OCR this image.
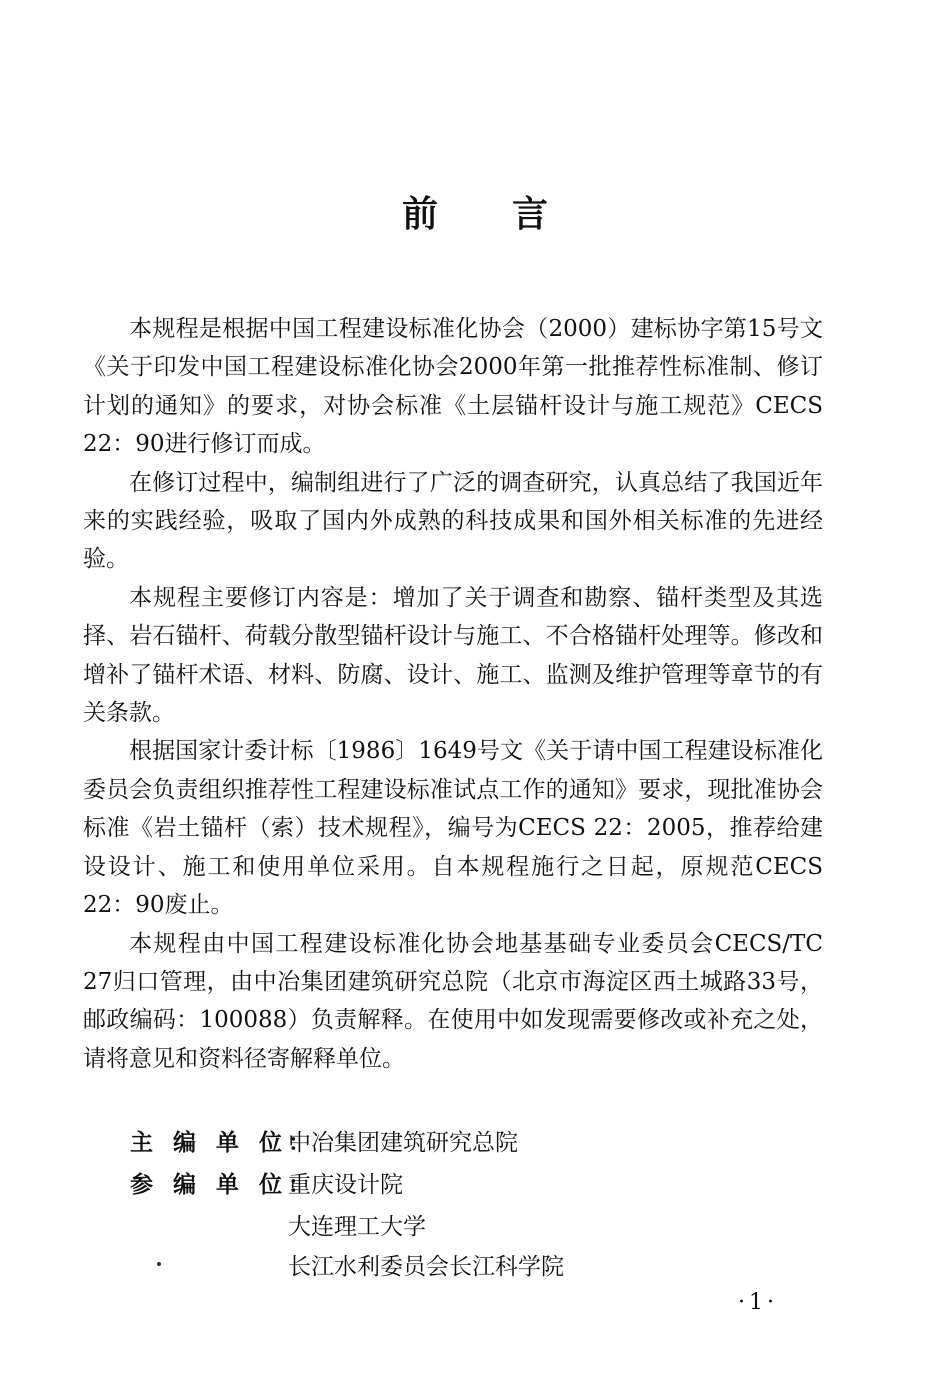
前 言

本规程是根据中国工程建设标准化协会（2000）建标协字第15号文《关于印发中国工程建设标准化协会2000年第一批推荐性标准制、修订计划的通知》的要求，对协会标准《土层锚杆设计与施工规范》CECS 22：90进行修订而成。

在修订过程中，编制组进行了广泛的调查研究，认真总结了我国近年来的实践经验，吸取了国内外成熟的科技成果和国外相关标准的先进经验。

本规程主要修订内容是：增加了关于调查和勘察、锚杆类型及其选择、岩石锚杆、荷载分散型锚杆设计与施工、不合格锚杆处理等。修改和增补了锚杆术语、材料、防腐、设计、施工、监测及维护管理等章节的有关条款。

根据国家计委计标〔1986〕1649号文《关于请中国工程建设标准化委员会负责组织推荐性工程建设标准试点工作的通知》要求，现批准协会标准《岩土锚杆（索）技术规程》，编号为CECS 22：2005，推荐给建设设计、施工和使用单位采用。自本规程施行之日起，原规范CECS 22：90废止。

本规程由中国工程建设标准化协会地基基础专业委员会CECS/TC 27归口管理，由中冶集团建筑研究总院（北京市海淀区西土城路33号，邮政编码：100088）负责解释。在使用中如发现需要修改或补充之处，请将意见和资料径寄解释单位。

主 编 单 位：中冶集团建筑研究总院
参 编 单 位：重庆设计院
大连理工大学
长江水利委员会长江科学院
·1·
